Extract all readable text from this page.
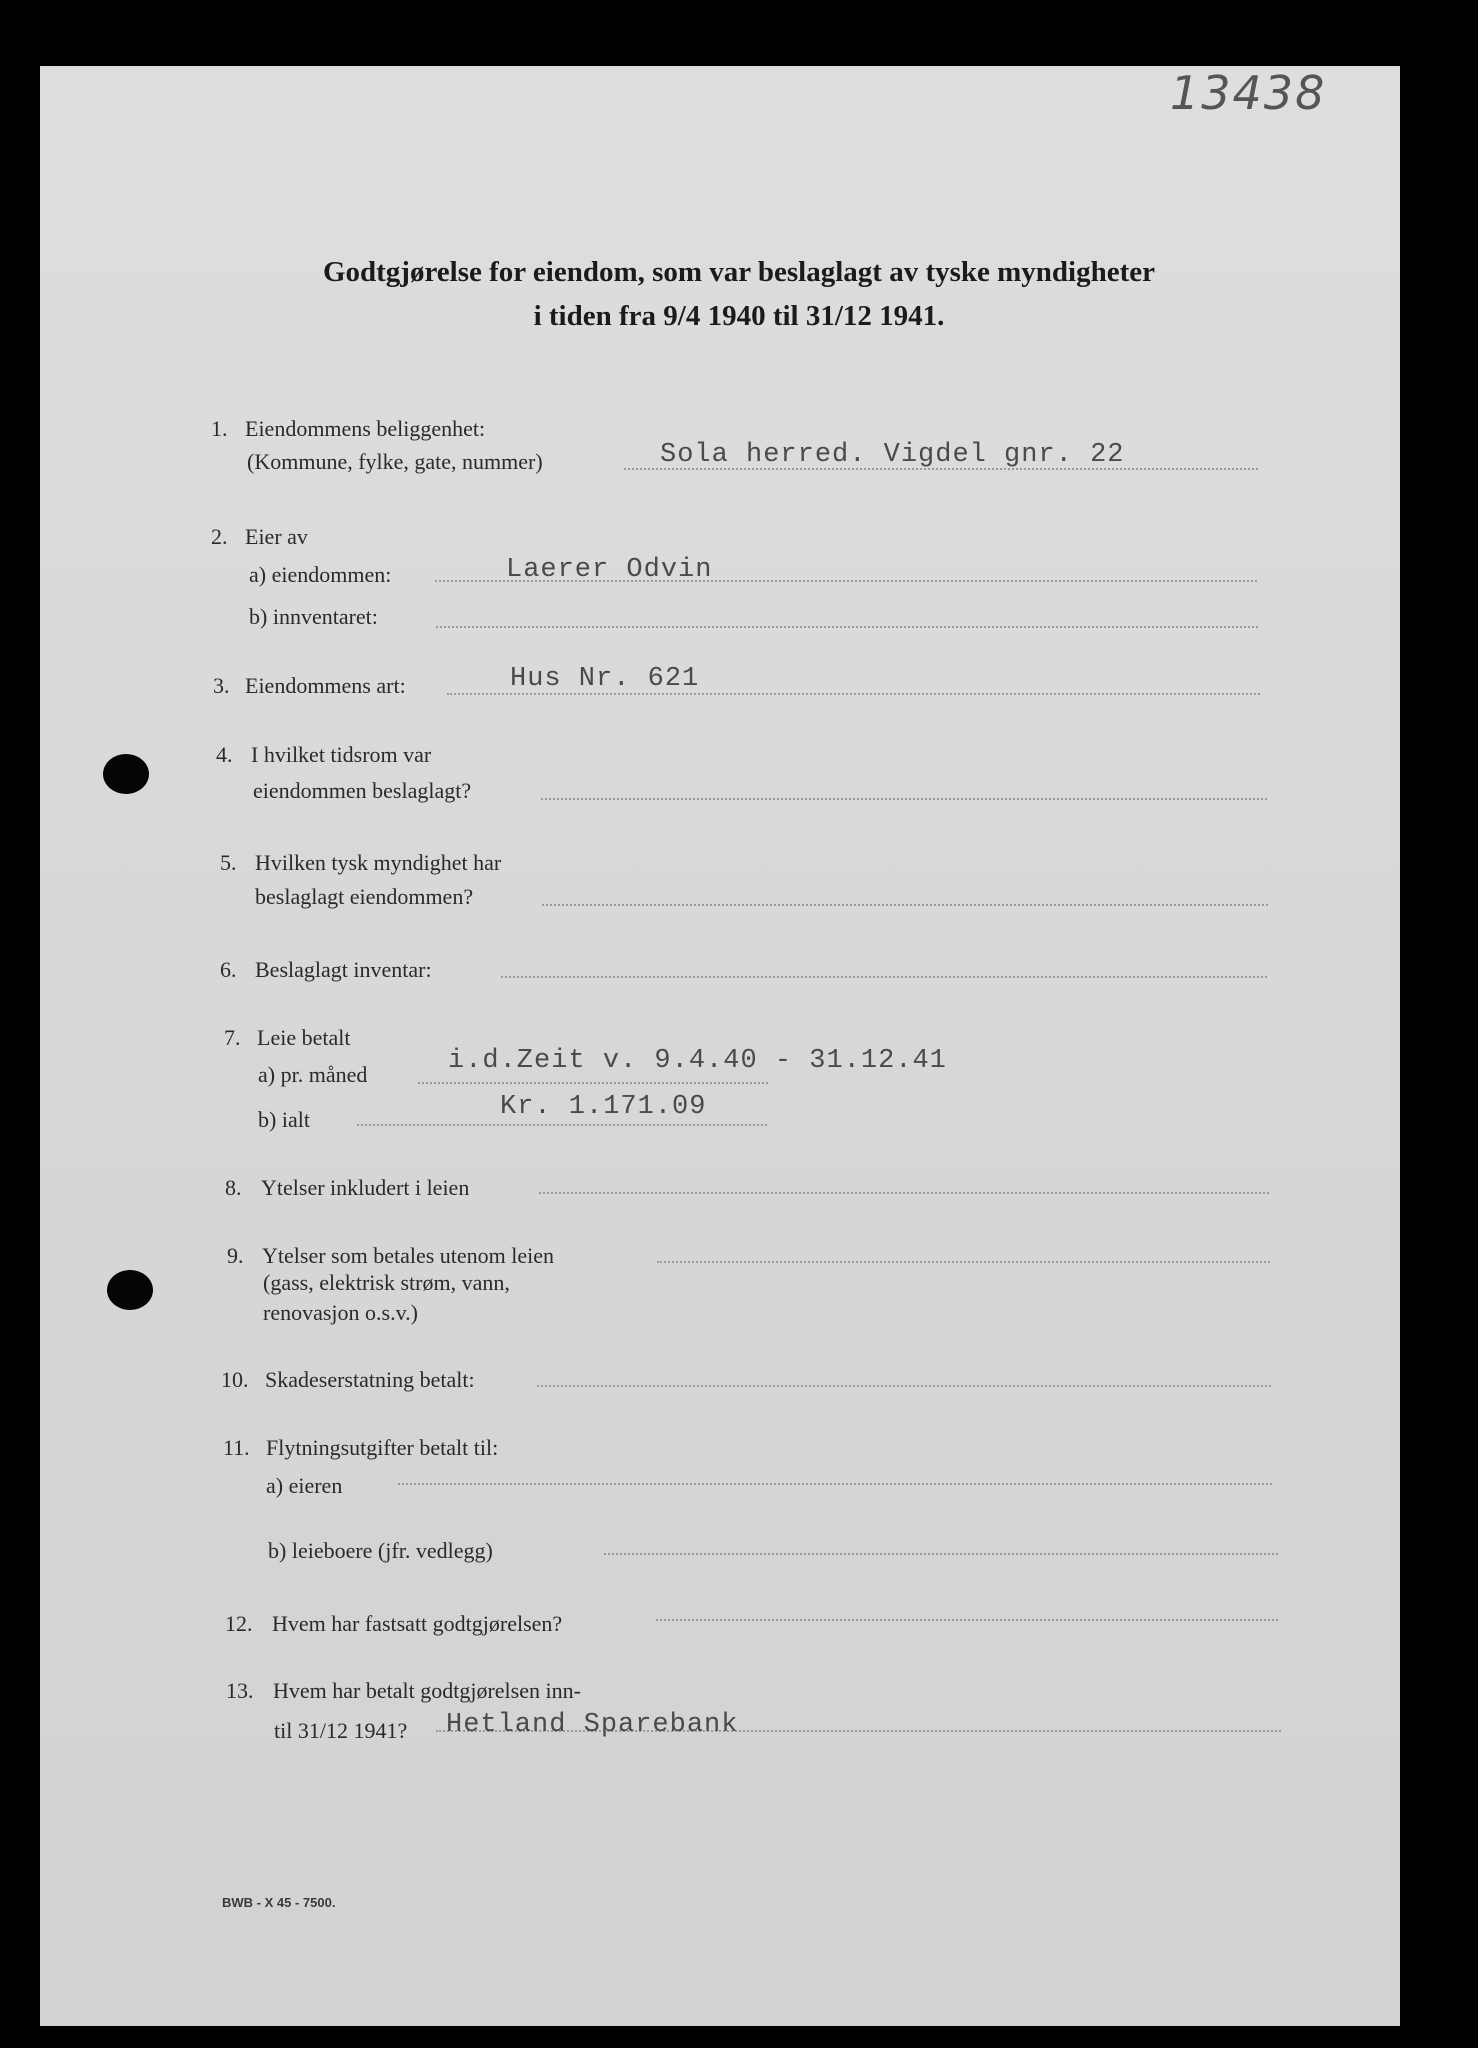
13438
Godtgjørelse for eiendom, som var beslaglagt av tyske myndigheter
i tiden fra 9/4 1940 til 31/12 1941.
1. Eiendommens beliggenhet:
(Kommune, fylke, gate, nummer)	Sola herred. Vigdel gnr. 22
2. Eier av
a) eiendommen:	Laerer Odvin
b) innventaret:
3. Eiendommens art:	Hus Nr. 621
4. I hvilket tidsrom var
eiendommen beslaglagt?
5. Hvilken tysk myndighet har
beslaglagt eiendommen?
6. Beslaglagt inventar:
7. Leie betalt
a) pr. måned	i.d.Zeit v. 9.4.40 - 31.12.41
b) ialt	Kr. 1.171.09
8. Ytelser inkludert i leien
9. Ytelser som betales utenom leien
(gass, elektrisk strøm, vann,
renovasjon o.s.v.)
10. Skadeserstatning betalt:
11. Flytningsutgifter betalt til:
a) eieren
b) leieboere (jfr. vedlegg)
12. Hvem har fastsatt godtgjørelsen?
13. Hvem har betalt godtgjørelsen inn-
til 31/12 1941? Hetland Sparebank
BWB - X 45 - 7500.
